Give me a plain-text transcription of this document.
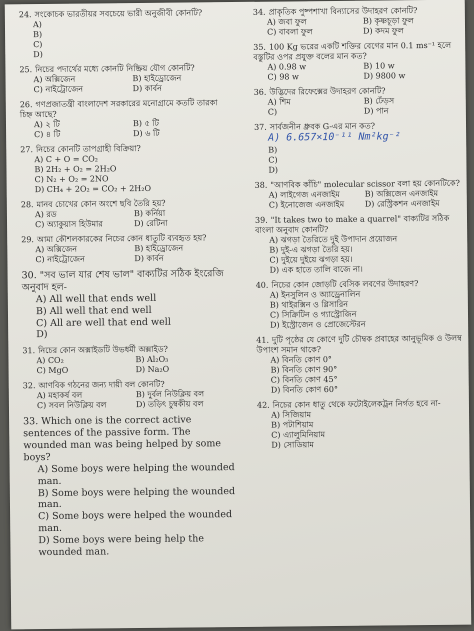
24. সংকোচক ভারতীয়র সবচেয়ে ভারী অনুজীবী কোনটি?
A)
B)
C)
D)
25. নিচের পদার্থের মধ্যে কোনটি নিষ্ক্রিয় যৌগ কোনটি?
A) অক্সিজেন	B) হাইড্রোজেন
C) নাইট্রোজেন	D) কার্বন
26. গণপ্রজাতন্ত্রী বাংলাদেশ সরকারের মনোগ্রামে কতটি তারকা চিহ্ন আছে?
A) ২ টি	B) ৫ টি
C) ৪ টি	D) ৬ টি
27. নিচের কোনটি তাপগ্রাহী বিক্রিয়া?
A) C + O = CO₂
B) 2H₂ + O₂ = 2H₂O
C) N₂ + O₂ = 2NO
D) CH₄ + 2O₂ = CO₂ + 2H₂O
28. মানব চোখের কোন অংশে ছবি তৈরি হয়?
A) রড	B) কর্নিয়া
C) অ্যাকুয়াস হিউমার	D) রেটিনা
29. আমা কৌশলকারকের নিচের কোন ধাতুটি ব্যবহৃত হয়?
A) অক্সিজেন	B) হাইড্রোজেন
C) নাইট্রোজেন	D) কার্বন
30. "সব ভাল যার শেষ ভাল" বাক্যটির সঠিক ইংরেজি অনুবাদ হল-
A) All well that ends well
B) All well that end well
C) All are well that end well
D)
31. নিচের কোন অক্সাইডটি উভধর্মী অক্সাইড?
A) CO₂	B) Al₂O₃
C) MgO	D) Na₂O
32. আণবিক গঠনের জন্য দায়ী বল কোনটি?
A) মহাকর্ষ বল	B) দুর্বল নিউক্লিয় বল
C) সবল নিউক্লিয় বল	D) তড়িৎ চুম্বকীয় বল
33. Which one is the correct active sentences of the passive form. The wounded man was being helped by some boys?
A) Some boys were helping the wounded man.
B) Some boys were helping the wounded man.
C) Some boys were helped the wounded man.
D) Some boys were being help the wounded man.
34. প্রাকৃতিক পুষ্পশাখা বিন্যাসের উদাহরণ কোনটি?
A) জবা ফুল	B) কৃষ্ণচূড়া ফুল
C) বাবলা ফুল	D) কদম ফুল
35. 100 Kg ভরের একটি শক্তির বেগের মান 0.1 ms⁻¹ হলে বস্তুটির ওপর প্রযুক্ত বলের মান কত?
A) 0.98 w	B) 10 w
C) 98 w	D) 9800 w
36. উদ্ভিদের রিফেক্সের উদাহরণ কোনটি?
A) শিম	B) ঢেঁড়স
C)	D) পান
37. সার্বজনীন ধ্রুবক G-এর মান কত?
A) 6.657×10⁻¹¹ Nm²kg⁻²
B)
C)
D)
38. "আণবিক কাঁচি" molecular scissor বলা হয় কোনটিকে?
A) লাইগেজ এনজাইম	B) অক্সিজেন এনজাইম
C) ইনোজেজ এনজাইম	D) রেস্ট্রিকশন এনজাইম
39. "It takes two to make a quarrel" বাক্যটির সঠিক বাংলা অনুবাদ কোনটি?
A) ঝগড়া তৈরিতে দুই উপাদান প্রয়োজন
B) দুই-এ ঝগড়া তৈরি হয়।
C) দুইয়ে দুইয়ে ঝগড়া হয়।
D) এক হাতে তালি বাজে না।
40. নিচের কোন জোড়টি বেসিক লবণের উদাহরণ?
A) ইনসুলিন ও অ্যাড্রেনালিন
B) থাইরক্সিন ও গ্লিসারিন
C) সিক্রিটিন ও গ্যাস্ট্রোজিন
D) ইস্ট্রোজেন ও প্রোজেস্টেরন
41. দুটি পৃষ্ঠের যে কোণে দুটি চৌম্বক প্রবাহের আনুভূমিক ও উলম্ব উপাংশ সমান থাকে?
A) বিনতি কোণ 0°
B) বিনতি কোণ 90°
C) বিনতি কোণ 45°
D) বিনতি কোণ 60°
42. নিচের কোন ধাতু থেকে ফটোইলেকট্রন নির্গত হবে না-
A) সিজিয়াম
B) পটাশিয়াম
C) এ্যালুমিনিয়াম
D) সোডিয়াম
